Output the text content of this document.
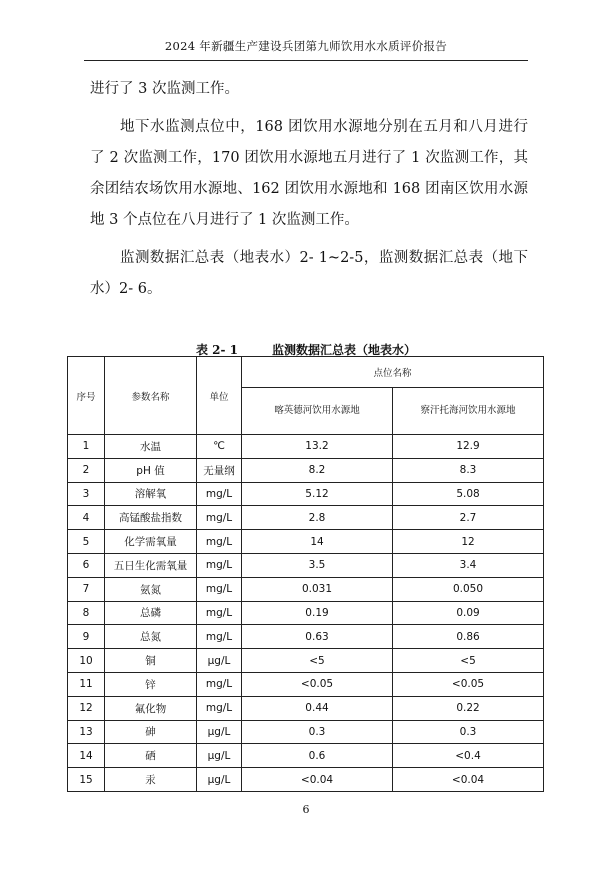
2024 年新疆生产建设兵团第九师饮用水水质评价报告
进行了 3 次监测工作。
地下水监测点位中，168 团饮用水源地分别在五月和八月进行了 2 次监测工作，170 团饮用水源地五月进行了 1 次监测工作，其余团结农场饮用水源地、162 团饮用水源地和 168 团南区饮用水源地 3 个点位在八月进行了 1 次监测工作。
监测数据汇总表（地表水）2- 1~2-5，监测数据汇总表（地下水）2- 6。
表 2- 1	监测数据汇总表（地表水）
序号	参数名称	单位	点位名称	
			喀英德河饮用水源地	察汗托海河饮用水源地
1	水温	℃	13.2	12.9
2	pH 值	无量纲	8.2	8.3
3	溶解氧	mg/L	5.12	5.08
4	高锰酸盐指数	mg/L	2.8	2.7
5	化学需氧量	mg/L	14	12
6	五日生化需氧量	mg/L	3.5	3.4
7	氨氮	mg/L	0.031	0.050
8	总磷	mg/L	0.19	0.09
9	总氮	mg/L	0.63	0.86
10	铜	μg/L	<5	<5
11	锌	mg/L	<0.05	<0.05
12	氟化物	mg/L	0.44	0.22
13	砷	μg/L	0.3	0.3
14	硒	μg/L	0.6	<0.4
15	汞	μg/L	<0.04	<0.04
6
